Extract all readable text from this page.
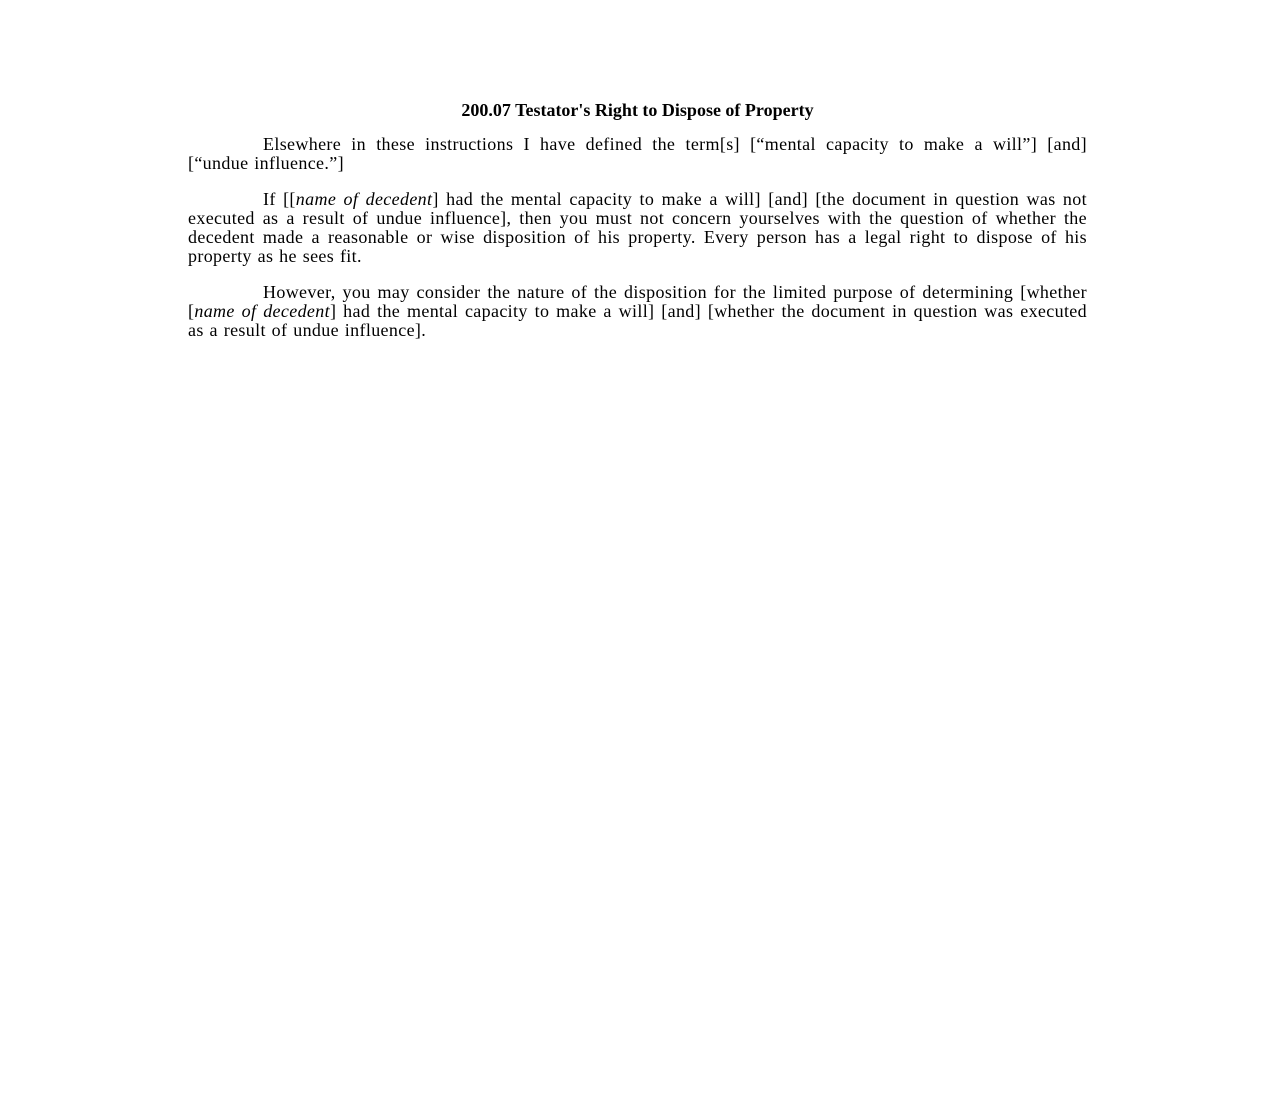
200.07 Testator's Right to Dispose of Property

Elsewhere in these instructions I have defined the term[s] [“mental capacity to make a will”] [and] [“undue influence.”]

If [[name of decedent] had the mental capacity to make a will] [and] [the document in question was not executed as a result of undue influence], then you must not concern yourselves with the question of whether the decedent made a reasonable or wise disposition of his property. Every person has a legal right to dispose of his property as he sees fit.

However, you may consider the nature of the disposition for the limited purpose of determining [whether [name of decedent] had the mental capacity to make a will] [and] [whether the document in question was executed as a result of undue influence].
